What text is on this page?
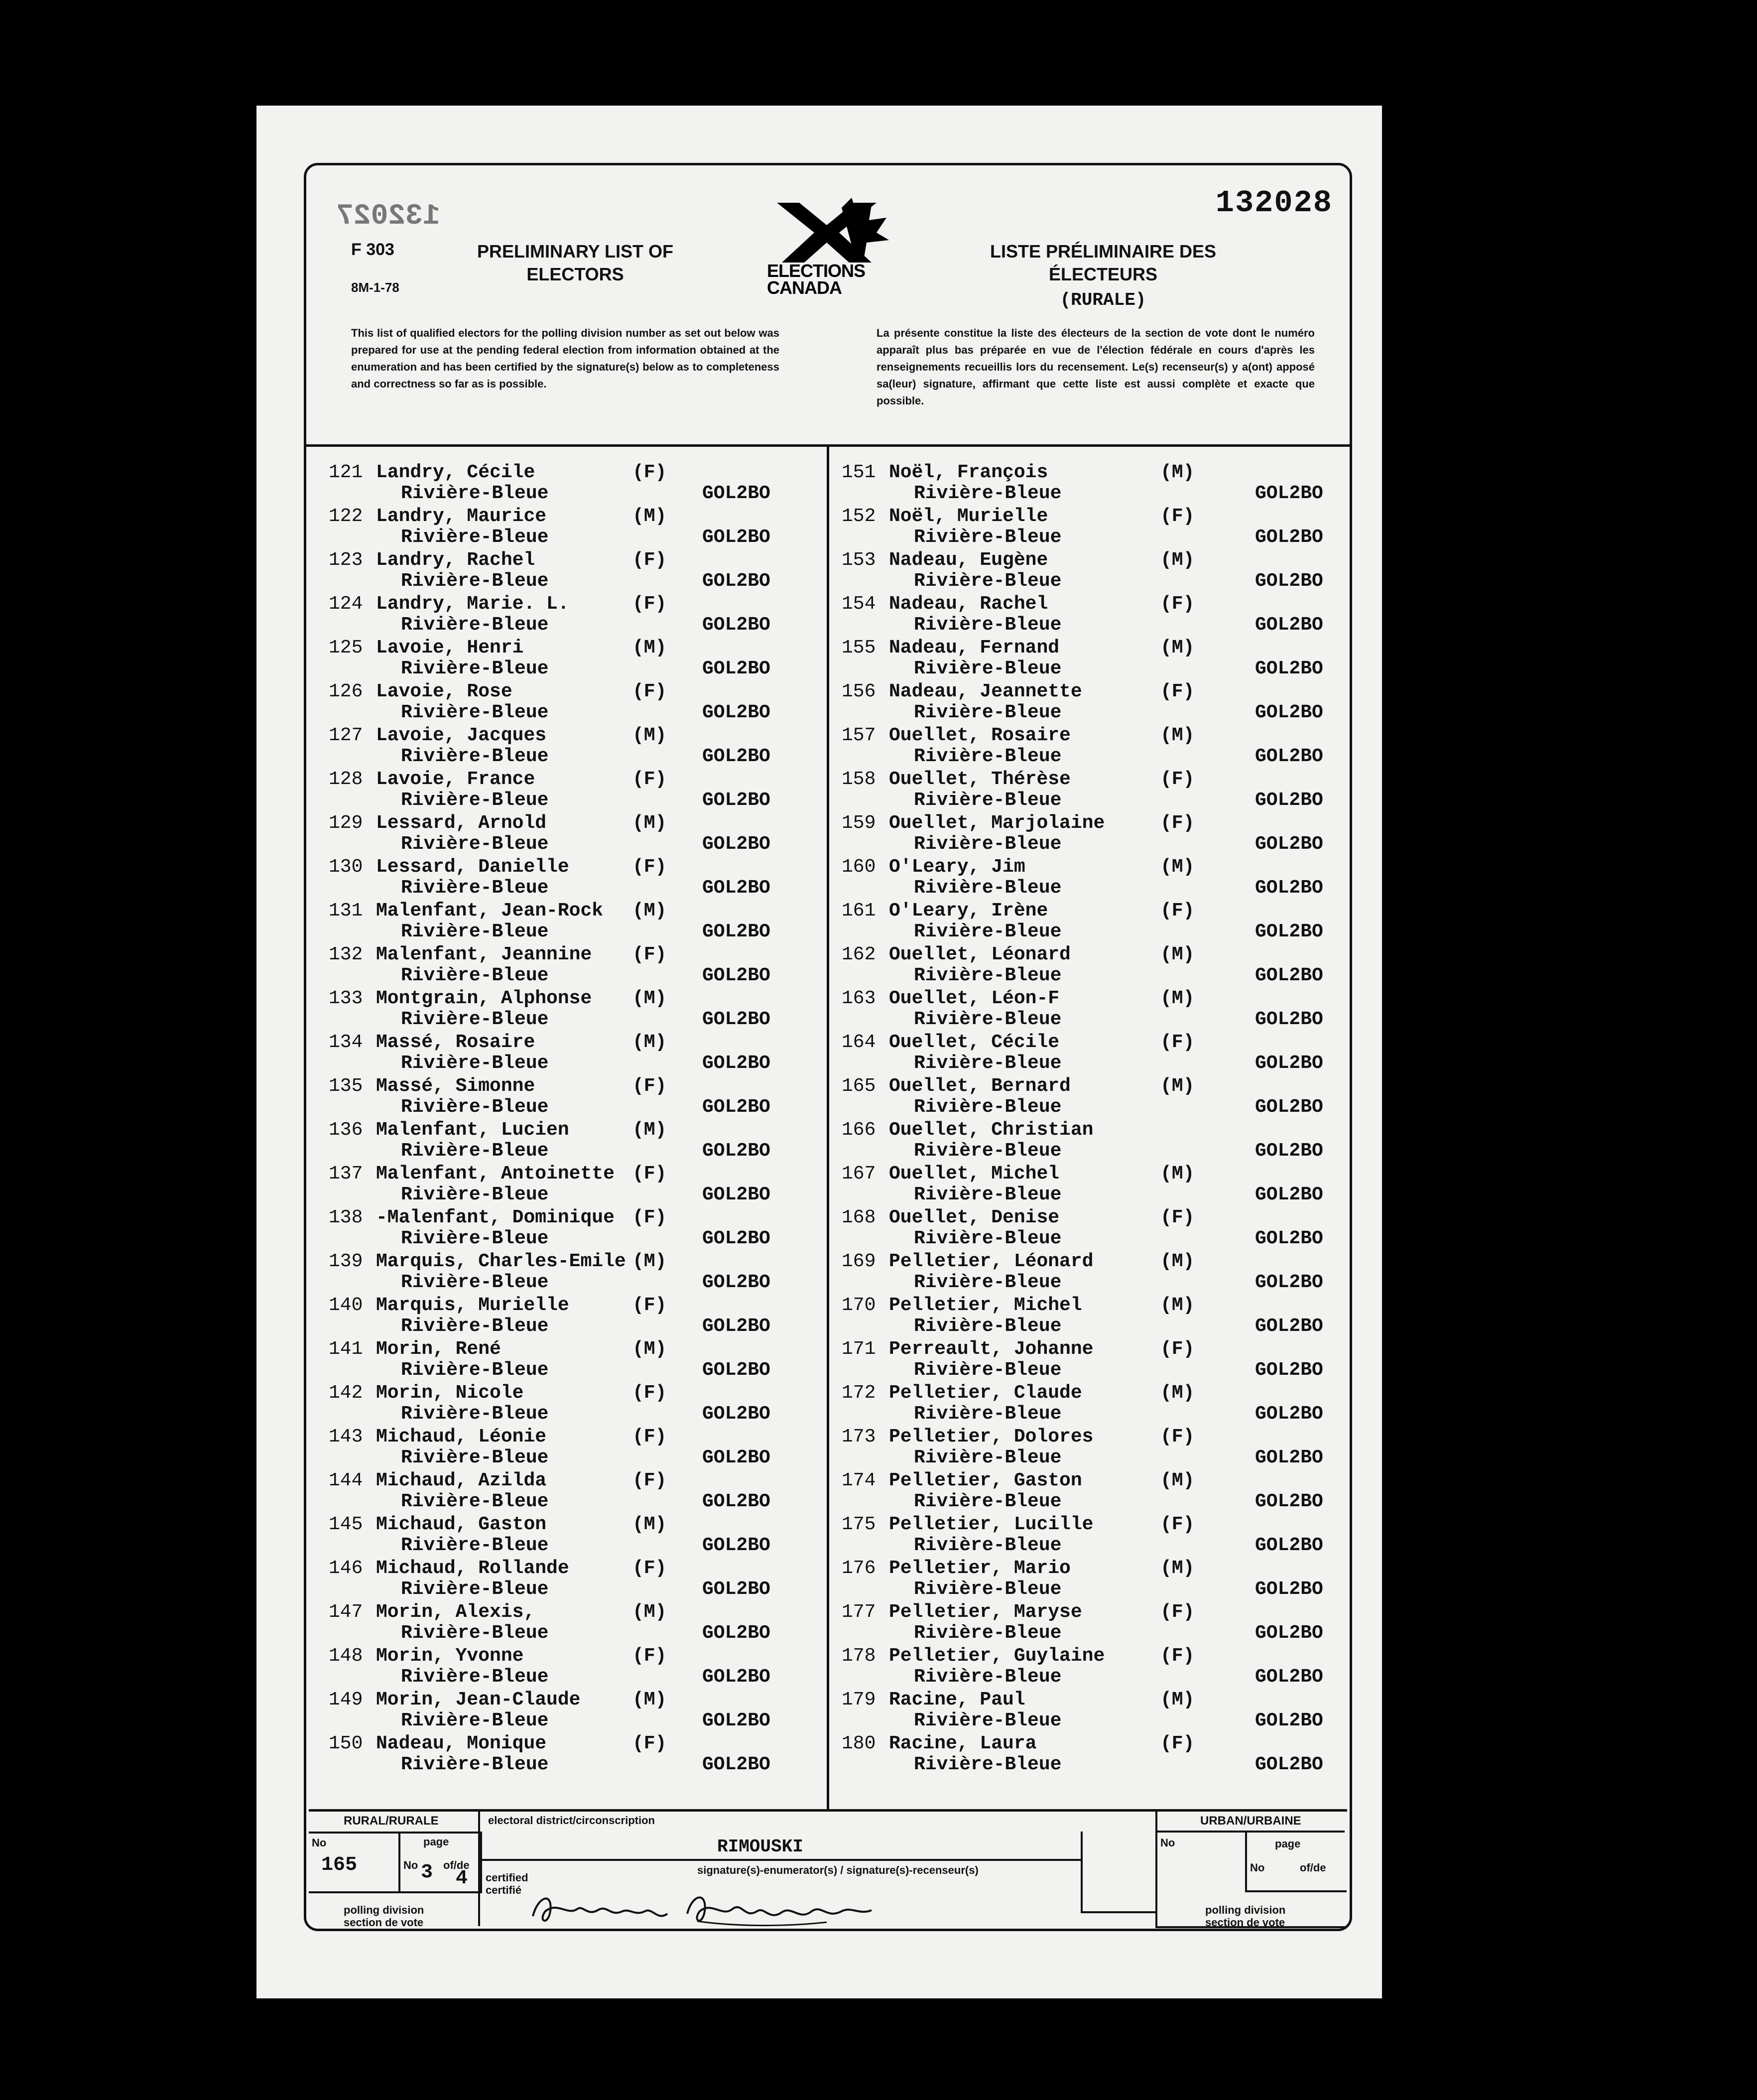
132027	132028
F 303
8M-1-78
PRELIMINARY LIST OF
ELECTORS	ELECTIONS
CANADA
LISTE PRÉLIMINAIRE DES
ÉLECTEURS
(RURALE)
This list of qualified electors for the polling division number as set out below was prepared for use at the pending federal election from information obtained at the enumeration and has been certified by the signature(s) below as to completeness and correctness so far as is possible.
La présente constitue la liste des électeurs de la section de vote dont le numéro apparaît plus bas préparée en vue de l'élection fédérale en cours d'après les renseignements recueillis lors du recensement. Le(s) recenseur(s) y a(ont) apposé sa(leur) signature, affirmant que cette liste est aussi complète et exacte que possible.
121 Landry, Cécile	(F)
Rivière-Bleue	GOL2BO
122 Landry, Maurice	(M)
Rivière-Bleue	GOL2BO
123 Landry, Rachel	(F)
Rivière-Bleue	GOL2BO
124 Landry, Marie. L.	(F)
Rivière-Bleue	GOL2BO
125 Lavoie, Henri	(M)
Rivière-Bleue	GOL2BO
126 Lavoie, Rose	(F)
Rivière-Bleue	GOL2BO
127 Lavoie, Jacques	(M)
Rivière-Bleue	GOL2BO
128 Lavoie, France	(F)
Rivière-Bleue	GOL2BO
129 Lessard, Arnold	(M)
Rivière-Bleue	GOL2BO
130 Lessard, Danielle	(F)
Rivière-Bleue	GOL2BO
131 Malenfant, Jean-Rock (M)
Rivière-Bleue	GOL2BO
132 Malenfant, Jeannine (F)
Rivière-Bleue	GOL2BO
133 Montgrain, Alphonse (M)
Rivière-Bleue	GOL2BO
134 Massé, Rosaire	(M)
Rivière-Bleue	GOL2BO
135 Massé, Simonne	(F)
Rivière-Bleue	GOL2BO
136 Malenfant, Lucien	(M)
Rivière-Bleue	GOL2BO
137 Malenfant, Antoinette (F)
Rivière-Bleue	GOL2BO
138 -Malenfant, Dominique (F)
Rivière-Bleue	GOL2BO
139 Marquis, Charles-Emile (M)
Rivière-Bleue	GOL2BO
140 Marquis, Murielle	(F)
Rivière-Bleue	GOL2BO
141 Morin, René	(M)
Rivière-Bleue	GOL2BO
142 Morin, Nicole	(F)
Rivière-Bleue	GOL2BO
143 Michaud, Léonie	(F)
Rivière-Bleue	GOL2BO
144 Michaud, Azilda	(F)
Rivière-Bleue	GOL2BO
145 Michaud, Gaston	(M)
Rivière-Bleue	GOL2BO
146 Michaud, Rollande	(F)
Rivière-Bleue	GOL2BO
147 Morin, Alexis,	(M)
Rivière-Bleue	GOL2BO
148 Morin, Yvonne	(F)
Rivière-Bleue	GOL2BO
149 Morin, Jean-Claude	(M)
Rivière-Bleue	GOL2BO
150 Nadeau, Monique	(F)
Rivière-Bleue	GOL2BO
151 Noël, François	(M)
Rivière-Bleue	GOL2BO
152 Noël, Murielle	(F)
Rivière-Bleue	GOL2BO
153 Nadeau, Eugène	(M)
Rivière-Bleue	GOL2BO
154 Nadeau, Rachel	(F)
Rivière-Bleue	GOL2BO
155 Nadeau, Fernand	(M)
Rivière-Bleue	GOL2BO
156 Nadeau, Jeannette	(F)
Rivière-Bleue	GOL2BO
157 Ouellet, Rosaire	(M)
Rivière-Bleue	GOL2BO
158 Ouellet, Thérèse	(F)
Rivière-Bleue	GOL2BO
159 Ouellet, Marjolaine	(F)
Rivière-Bleue	GOL2BO
160 O'Leary, Jim	(M)
Rivière-Bleue	GOL2BO
161 O'Leary, Irène	(F)
Rivière-Bleue	GOL2BO
162 Ouellet, Léonard	(M)
Rivière-Bleue	GOL2BO
163 Ouellet, Léon-F	(M)
Rivière-Bleue	GOL2BO
164 Ouellet, Cécile	(F)
Rivière-Bleue	GOL2BO
165 Ouellet, Bernard	(M)
Rivière-Bleue	GOL2BO
166 Ouellet, Christian
Rivière-Bleue	GOL2BO
167 Ouellet, Michel	(M)
Rivière-Bleue	GOL2BO
168 Ouellet, Denise	(F)
Rivière-Bleue	GOL2BO
169 Pelletier, Léonard	(M)
Rivière-Bleue	GOL2BO
170 Pelletier, Michel	(M)
Rivière-Bleue	GOL2BO
171 Perreault, Johanne	(F)
Rivière-Bleue	GOL2BO
172 Pelletier, Claude	(M)
Rivière-Bleue	GOL2BO
173 Pelletier, Dolores	(F)
Rivière-Bleue	GOL2BO
174 Pelletier, Gaston	(M)
Rivière-Bleue	GOL2BO
175 Pelletier, Lucille	(F)
Rivière-Bleue	GOL2BO
176 Pelletier, Mario	(M)
Rivière-Bleue	GOL2BO
177 Pelletier, Maryse	(F)
Rivière-Bleue	GOL2BO
178 Pelletier, Guylaine	(F)
Rivière-Bleue	GOL2BO
179 Racine, Paul	(M)
Rivière-Bleue	GOL2BO
180 Racine, Laura	(F)
Rivière-Bleue	GOL2BO
RURAL/RURALE
No
165
page
No 3 of/de
4
polling division
section de vote
electoral district/circonscription
RIMOUSKI
signature(s)-enumerator(s) / signature(s)-recenseur(s)
certified
certifié
URBAN/URBAINE
No	page
No	of/de
polling division
section de vote
